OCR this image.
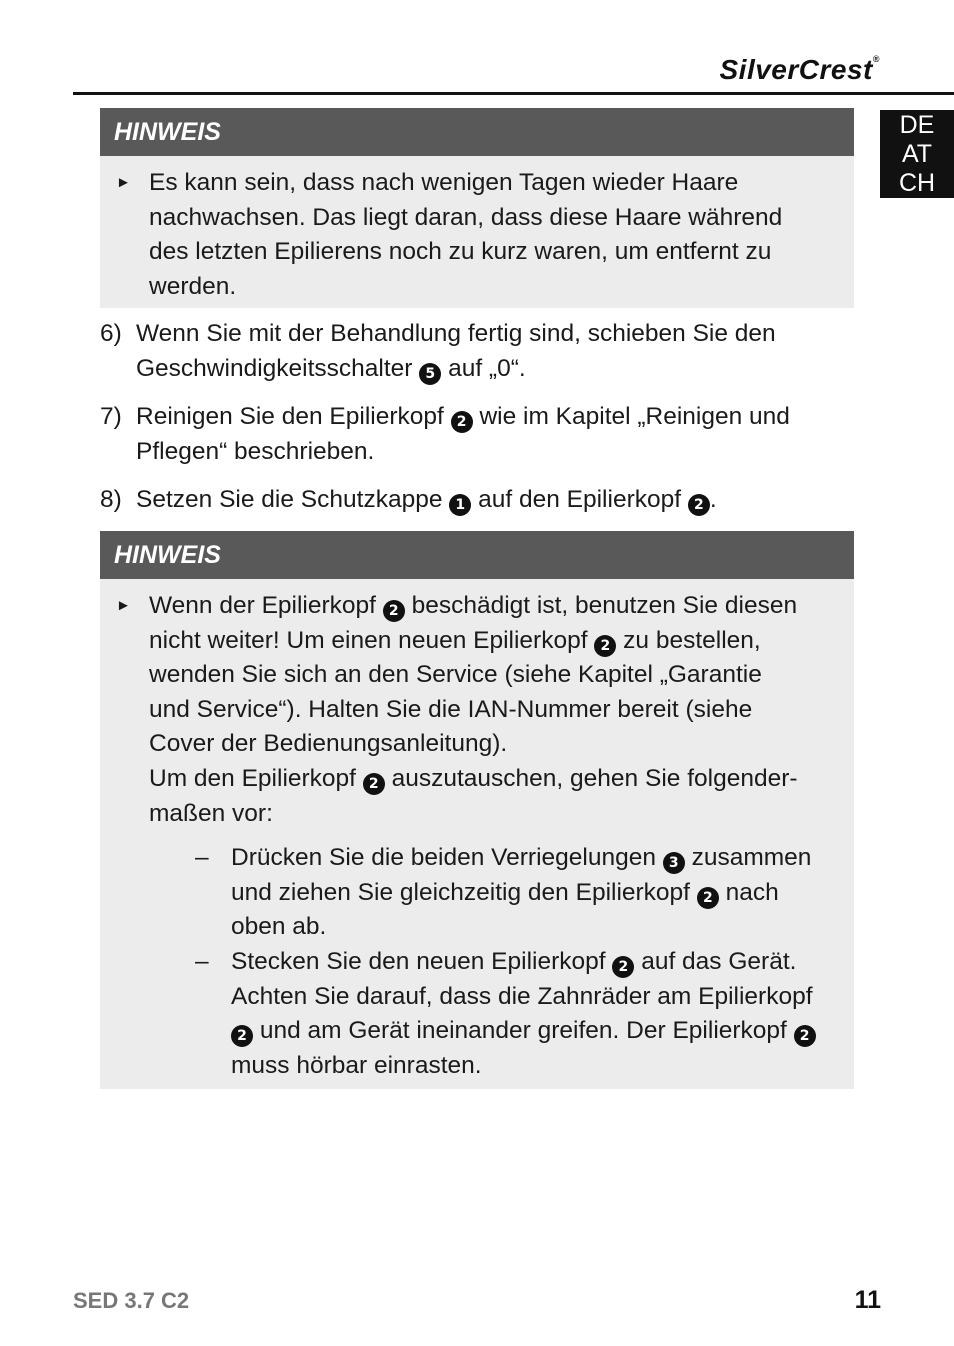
SilverCrest®
DE
AT
CH
HINWEIS
► Es kann sein, dass nach wenigen Tagen wieder Haare
nachwachsen. Das liegt daran, dass diese Haare während
des letzten Epilierens noch zu kurz waren, um entfernt zu
werden.
6) Wenn Sie mit der Behandlung fertig sind, schieben Sie den
Geschwindigkeitsschalter 5 auf „0“.
7) Reinigen Sie den Epilierkopf 2 wie im Kapitel „Reinigen und
Pflegen“ beschrieben.
8) Setzen Sie die Schutzkappe 1 auf den Epilierkopf 2 .
HINWEIS
► Wenn der Epilierkopf 2 beschädigt ist, benutzen Sie diesen
nicht weiter! Um einen neuen Epilierkopf 2 zu bestellen,
wenden Sie sich an den Service (siehe Kapitel „Garantie
und Service“). Halten Sie die IAN-Nummer bereit (siehe
Cover der Bedienungsanleitung).
Um den Epilierkopf 2 auszutauschen, gehen Sie folgender-
maßen vor:
– Drücken Sie die beiden Verriegelungen 3 zusammen
und ziehen Sie gleichzeitig den Epilierkopf 2 nach
oben ab.
– Stecken Sie den neuen Epilierkopf 2 auf das Gerät.
Achten Sie darauf, dass die Zahnräder am Epilierkopf
2 und am Gerät ineinander greifen. Der Epilierkopf 2
muss hörbar einrasten.
SED 3.7 C2	11
